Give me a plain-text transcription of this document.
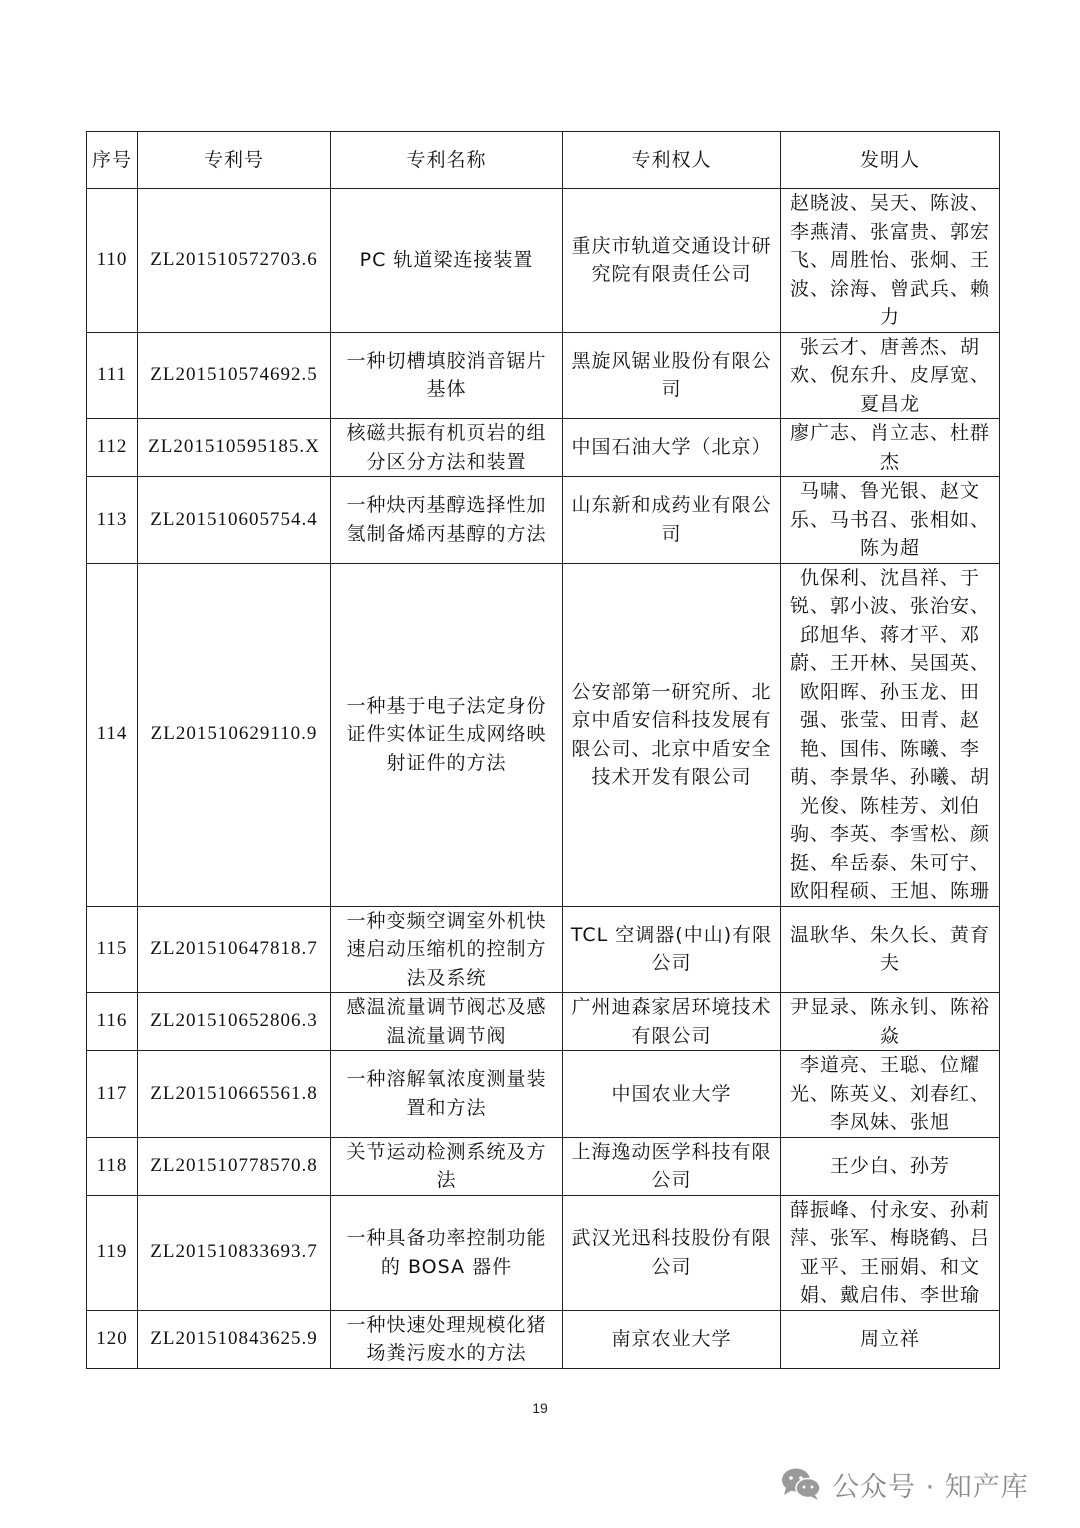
序号	专利号	专利名称	专利权人	发明人
110	ZL201510572703.6	PC 轨道梁连接装置	重庆市轨道交通设计研究院有限责任公司	赵晓波、吴天、陈波、李燕清、张富贵、郭宏飞、周胜怡、张炯、王波、涂海、曾武兵、赖力
111	ZL201510574692.5	一种切槽填胶消音锯片基体	黑旋风锯业股份有限公司	张云才、唐善杰、胡欢、倪东升、皮厚宽、夏昌龙
112	ZL201510595185.X	核磁共振有机页岩的组分区分方法和装置	中国石油大学（北京）	廖广志、肖立志、杜群杰
113	ZL201510605754.4	一种炔丙基醇选择性加氢制备烯丙基醇的方法	山东新和成药业有限公司	马啸、鲁光银、赵文乐、马书召、张相如、陈为超
114	ZL201510629110.9	一种基于电子法定身份证件实体证生成网络映射证件的方法	公安部第一研究所、北京中盾安信科技发展有限公司、北京中盾安全技术开发有限公司	仇保利、沈昌祥、于锐、郭小波、张治安、邱旭华、蒋才平、邓蔚、王开林、吴国英、欧阳晖、孙玉龙、田强、张莹、田青、赵艳、国伟、陈曦、李萌、李景华、孙曦、胡光俊、陈桂芳、刘伯驹、李英、李雪松、颜挺、牟岳泰、朱可宁、欧阳程硕、王旭、陈珊
115	ZL201510647818.7	一种变频空调室外机快速启动压缩机的控制方法及系统	TCL 空调器(中山)有限公司	温耿华、朱久长、黄育夫
116	ZL201510652806.3	感温流量调节阀芯及感温流量调节阀	广州迪森家居环境技术有限公司	尹显录、陈永钊、陈裕焱
117	ZL201510665561.8	一种溶解氧浓度测量装置和方法	中国农业大学	李道亮、王聪、位耀光、陈英义、刘春红、李凤妹、张旭
118	ZL201510778570.8	关节运动检测系统及方法	上海逸动医学科技有限公司	王少白、孙芳
119	ZL201510833693.7	一种具备功率控制功能的 BOSA 器件	武汉光迅科技股份有限公司	薛振峰、付永安、孙莉萍、张军、梅晓鹤、吕亚平、王丽娟、和文娟、戴启伟、李世瑜
120	ZL201510843625.9	一种快速处理规模化猪场粪污废水的方法	南京农业大学	周立祥
19
公众号 · 知产库
